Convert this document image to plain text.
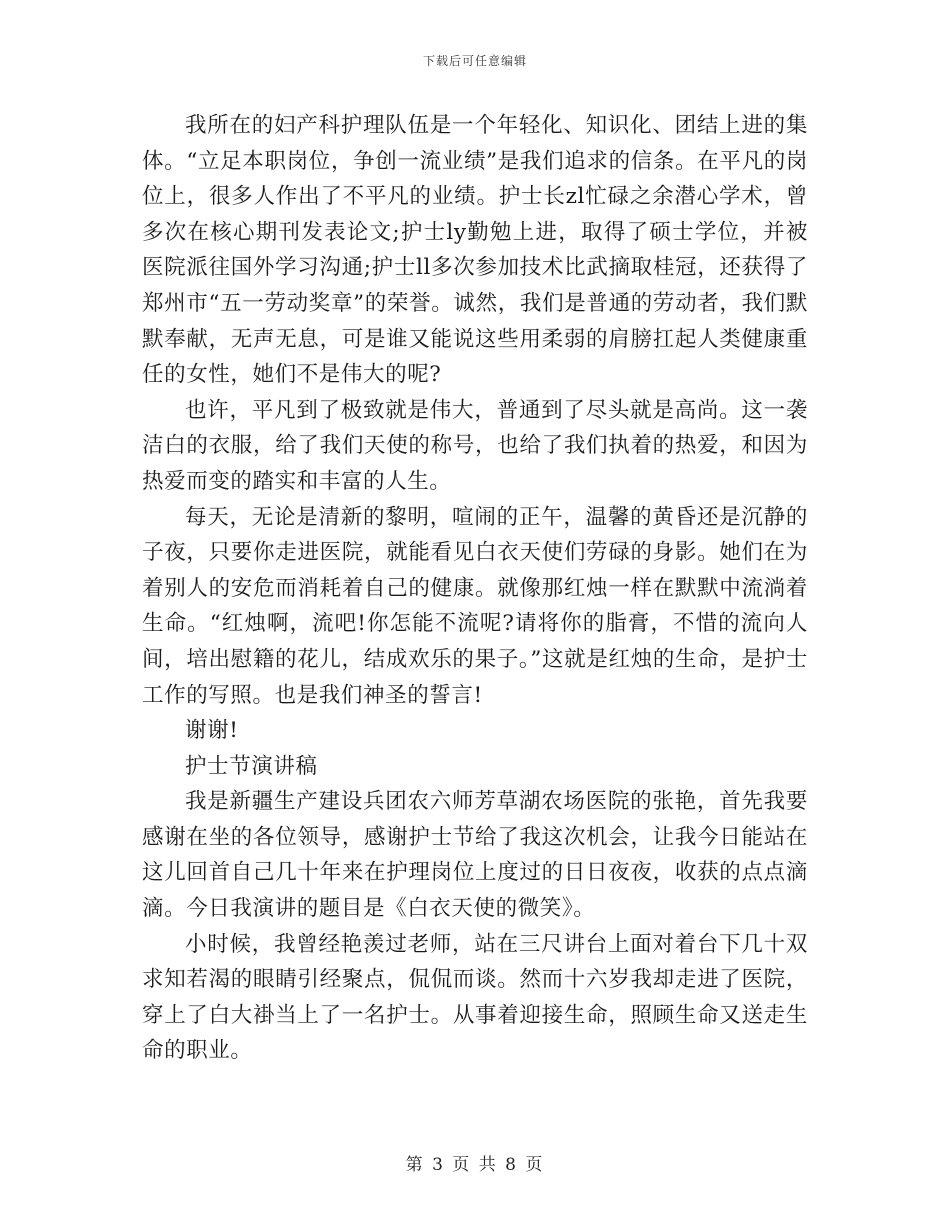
下载后可任意编辑

我所在的妇产科护理队伍是一个年轻化、知识化、团结上进的集体。“立足本职岗位，争创一流业绩”是我们追求的信条。在平凡的岗位上，很多人作出了不平凡的业绩。护士长zl忙碌之余潜心学术，曾多次在核心期刊发表论文;护士ly勤勉上进，取得了硕士学位，并被医院派往国外学习沟通;护士ll多次参加技术比武摘取桂冠，还获得了郑州市“五一劳动奖章”的荣誉。诚然，我们是普通的劳动者，我们默默奉献，无声无息，可是谁又能说这些用柔弱的肩膀扛起人类健康重任的女性，她们不是伟大的呢?

也许，平凡到了极致就是伟大，普通到了尽头就是高尚。这一袭洁白的衣服，给了我们天使的称号，也给了我们执着的热爱，和因为热爱而变的踏实和丰富的人生。

每天，无论是清新的黎明，喧闹的正午，温馨的黄昏还是沉静的子夜，只要你走进医院，就能看见白衣天使们劳碌的身影。她们在为着别人的安危而消耗着自己的健康。就像那红烛一样在默默中流淌着生命。“红烛啊，流吧!你怎能不流呢?请将你的脂膏，不惜的流向人间，培出慰籍的花儿，结成欢乐的果子。”这就是红烛的生命，是护士工作的写照。也是我们神圣的誓言!

谢谢!

护士节演讲稿

我是新疆生产建设兵团农六师芳草湖农场医院的张艳，首先我要感谢在坐的各位领导，感谢护士节给了我这次机会，让我今日能站在这儿回首自己几十年来在护理岗位上度过的日日夜夜，收获的点点滴滴。今日我演讲的题目是《白衣天使的微笑》。

小时候，我曾经艳羡过老师，站在三尺讲台上面对着台下几十双求知若渴的眼睛引经聚点，侃侃而谈。然而十六岁我却走进了医院，穿上了白大褂当上了一名护士。从事着迎接生命，照顾生命又送走生命的职业。

第 3 页 共 8 页
